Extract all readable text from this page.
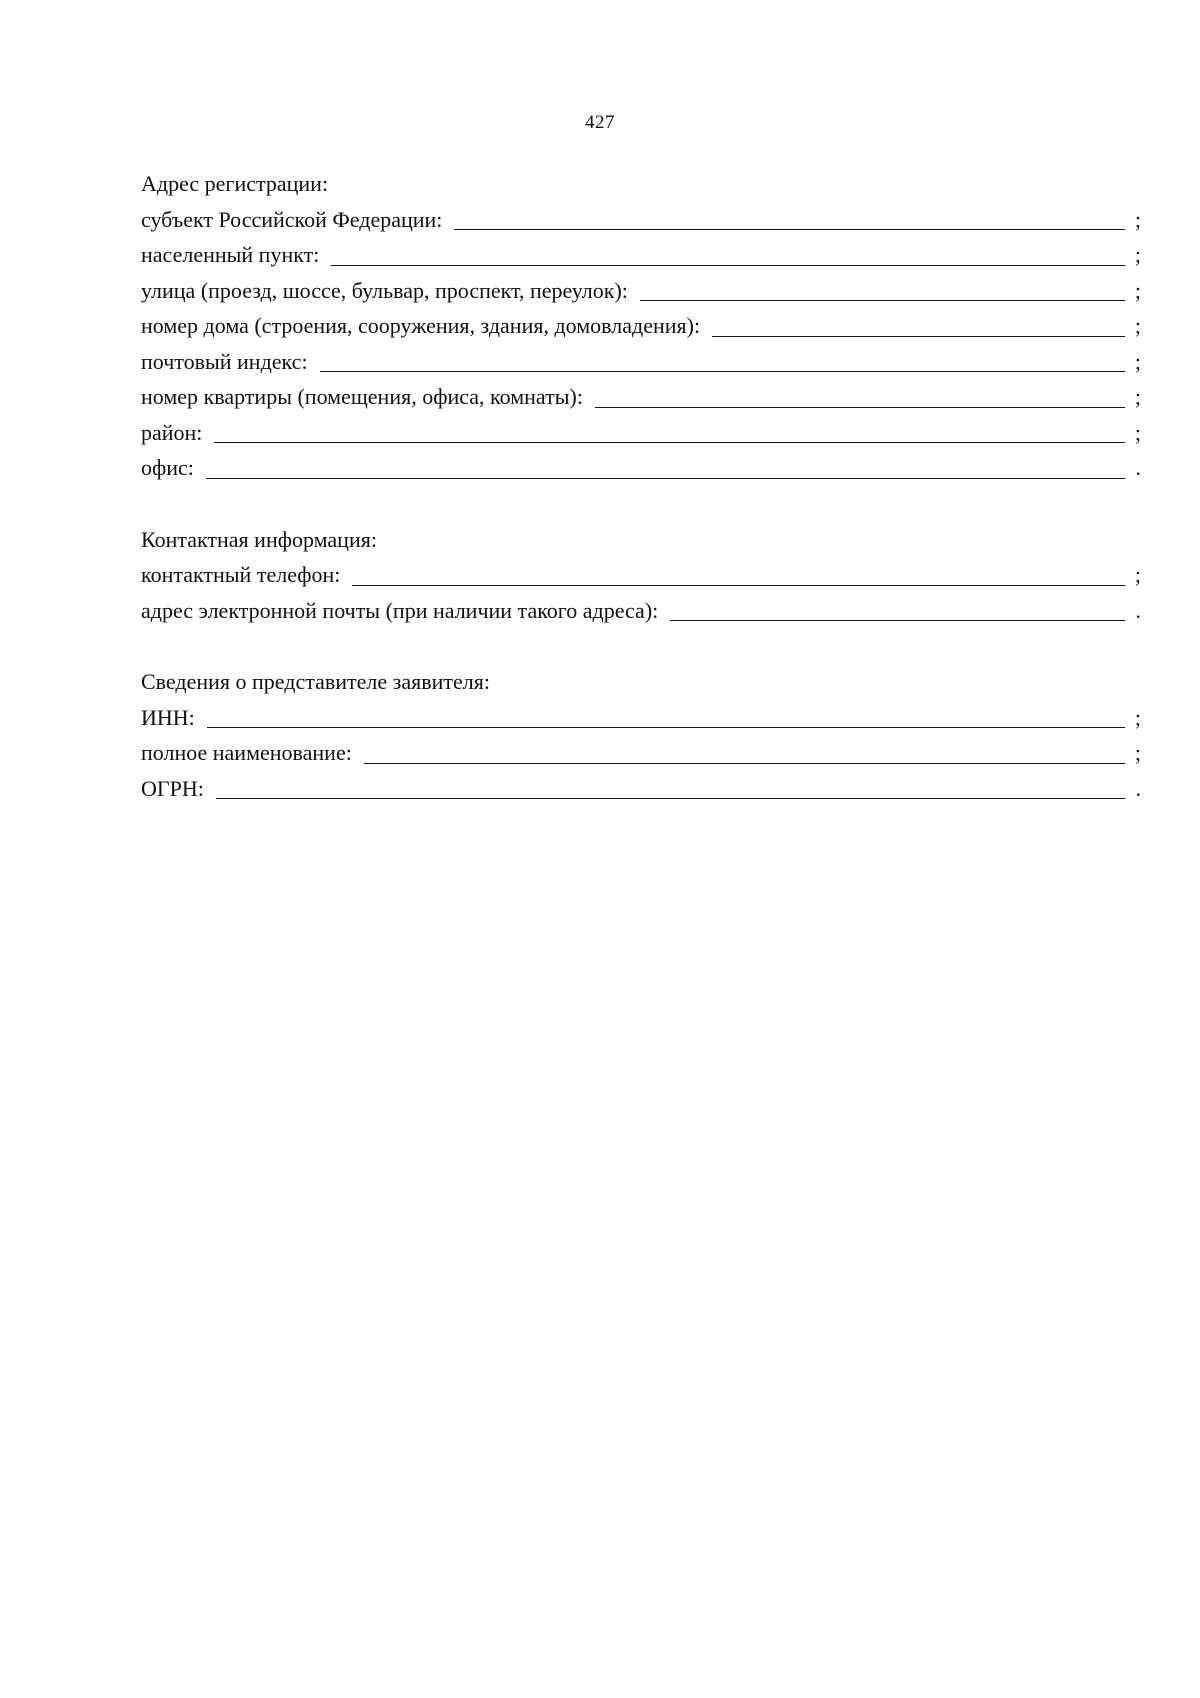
427
Адрес регистрации:
субъект Российской Федерации:	;
населенный пункт:	;
улица (проезд, шоссе, бульвар, проспект, переулок):	;
номер дома (строения, сооружения, здания, домовладения):	;
почтовый индекс:	;
номер квартиры (помещения, офиса, комнаты):	;
район:	;
офис:	.
Контактная информация:
контактный телефон:	;
адрес электронной почты (при наличии такого адреса):	.
Сведения о представителе заявителя:
ИНН:	;
полное наименование:	;
ОГРН:	.
